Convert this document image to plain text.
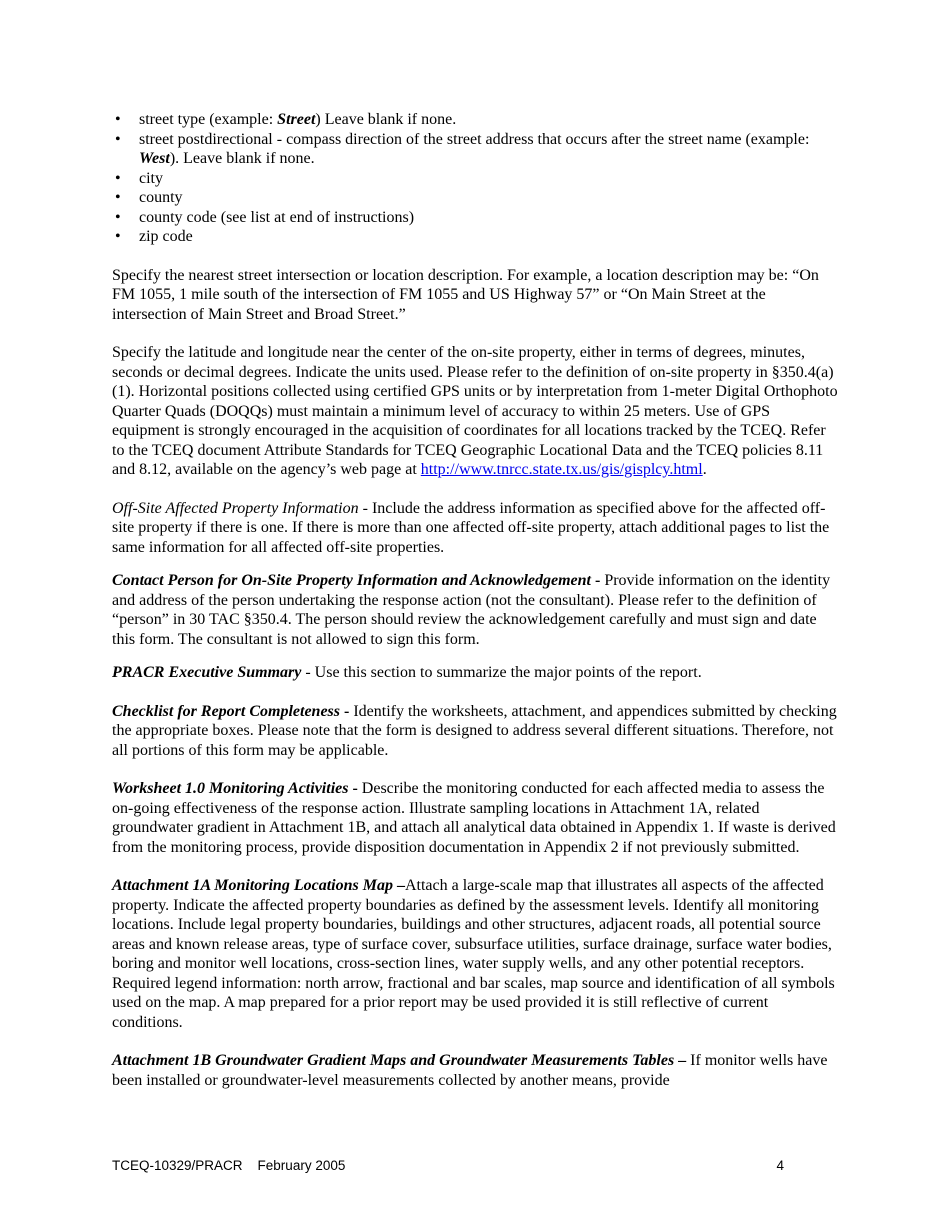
• street type (example: Street) Leave blank if none.
• street postdirectional - compass direction of the street address that occurs after the street name (example: West). Leave blank if none.
• city
• county
• county code (see list at end of instructions)
• zip code

Specify the nearest street intersection or location description. For example, a location description may be: “On FM 1055, 1 mile south of the intersection of FM 1055 and US Highway 57” or “On Main Street at the intersection of Main Street and Broad Street.”

Specify the latitude and longitude near the center of the on-site property, either in terms of degrees, minutes, seconds or decimal degrees. Indicate the units used. Please refer to the definition of on-site property in §350.4(a)(1). Horizontal positions collected using certified GPS units or by interpretation from 1-meter Digital Orthophoto Quarter Quads (DOQQs) must maintain a minimum level of accuracy to within 25 meters. Use of GPS equipment is strongly encouraged in the acquisition of coordinates for all locations tracked by the TCEQ. Refer to the TCEQ document Attribute Standards for TCEQ Geographic Locational Data and the TCEQ policies 8.11 and 8.12, available on the agency’s web page at http://www.tnrcc.state.tx.us/gis/gisplcy.html.

Off-Site Affected Property Information - Include the address information as specified above for the affected off-site property if there is one. If there is more than one affected off-site property, attach additional pages to list the same information for all affected off-site properties.

Contact Person for On-Site Property Information and Acknowledgement - Provide information on the identity and address of the person undertaking the response action (not the consultant). Please refer to the definition of “person” in 30 TAC §350.4. The person should review the acknowledgement carefully and must sign and date this form. The consultant is not allowed to sign this form.

PRACR Executive Summary - Use this section to summarize the major points of the report.

Checklist for Report Completeness - Identify the worksheets, attachment, and appendices submitted by checking the appropriate boxes. Please note that the form is designed to address several different situations. Therefore, not all portions of this form may be applicable.

Worksheet 1.0 Monitoring Activities - Describe the monitoring conducted for each affected media to assess the on-going effectiveness of the response action. Illustrate sampling locations in Attachment 1A, related groundwater gradient in Attachment 1B, and attach all analytical data obtained in Appendix 1. If waste is derived from the monitoring process, provide disposition documentation in Appendix 2 if not previously submitted.

Attachment 1A Monitoring Locations Map –Attach a large-scale map that illustrates all aspects of the affected property. Indicate the affected property boundaries as defined by the assessment levels. Identify all monitoring locations. Include legal property boundaries, buildings and other structures, adjacent roads, all potential source areas and known release areas, type of surface cover, subsurface utilities, surface drainage, surface water bodies, boring and monitor well locations, cross-section lines, water supply wells, and any other potential receptors. Required legend information: north arrow, fractional and bar scales, map source and identification of all symbols used on the map. A map prepared for a prior report may be used provided it is still reflective of current conditions.

Attachment 1B Groundwater Gradient Maps and Groundwater Measurements Tables – If monitor wells have been installed or groundwater-level measurements collected by another means, provide

TCEQ-10329/PRACR    February 2005	4
